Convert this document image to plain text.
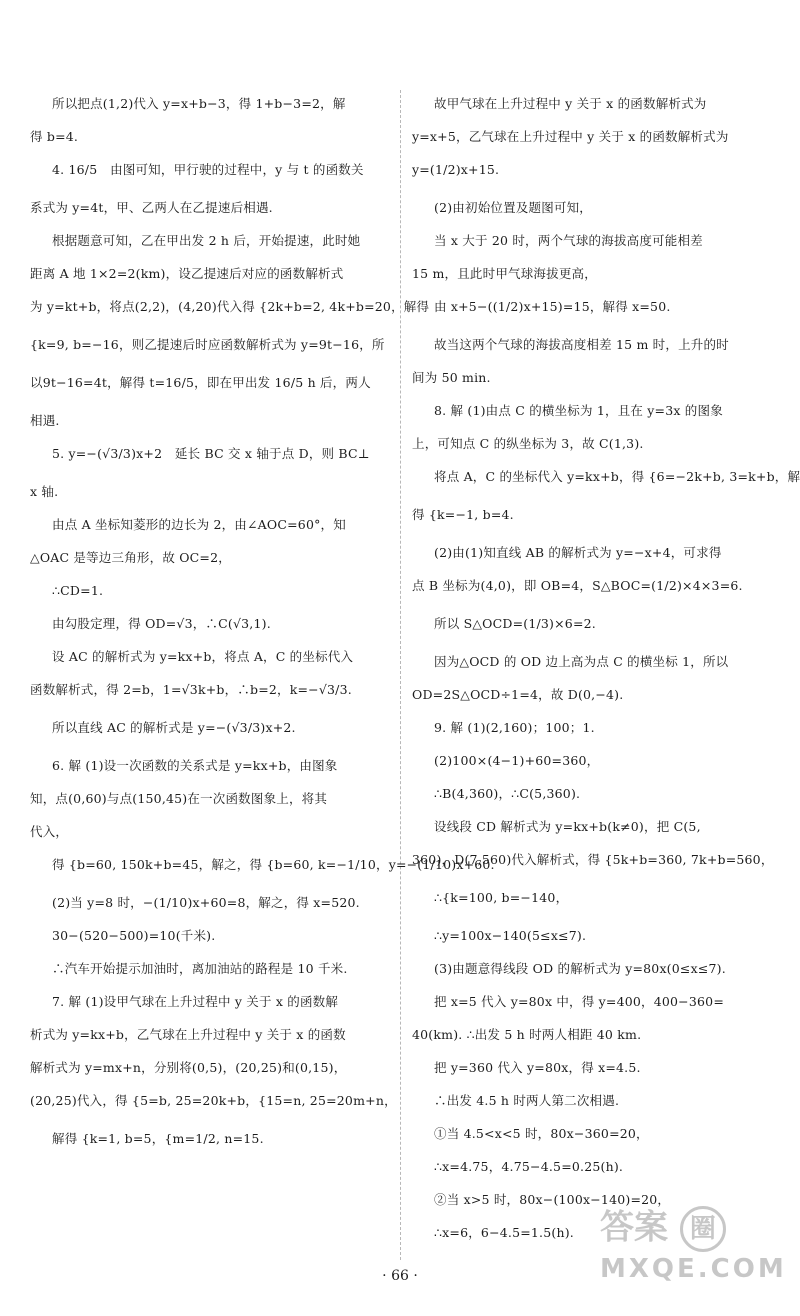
所以把点(1,2)代入 y=x+b−3，得 1+b−3=2，解
得 b=4.
4. 16/5　由图可知，甲行驶的过程中，y 与 t 的函数关
系式为 y=4t，甲、乙两人在乙提速后相遇.
根据题意可知，乙在甲出发 2 h 后，开始提速，此时她
距离 A 地 1×2=2(km)，设乙提速后对应的函数解析式
为 y=kt+b，将点(2,2)，(4,20)代入得 {2k+b=2, 4k+b=20，解得
{k=9, b=−16，则乙提速后时应函数解析式为 y=9t−16，所
以9t−16=4t，解得 t=16/5，即在甲出发 16/5 h 后，两人
相遇.
5. y=−(√3/3)x+2　延长 BC 交 x 轴于点 D，则 BC⊥
x 轴.
由点 A 坐标知菱形的边长为 2，由∠AOC=60°，知
△OAC 是等边三角形，故 OC=2，
∴CD=1.
由勾股定理，得 OD=√3，∴C(√3,1).
设 AC 的解析式为 y=kx+b，将点 A，C 的坐标代入
函数解析式，得 2=b，1=√3k+b，∴b=2，k=−√3/3.
所以直线 AC 的解析式是 y=−(√3/3)x+2.
6. 解 (1)设一次函数的关系式是 y=kx+b，由图象
知，点(0,60)与点(150,45)在一次函数图象上，将其
代入，
得 {b=60, 150k+b=45，解之，得 {b=60, k=−1/10，y=−(1/10)x+60.
(2)当 y=8 时，−(1/10)x+60=8，解之，得 x=520.
30−(520−500)=10(千米).
∴汽车开始提示加油时，离加油站的路程是 10 千米.
7. 解 (1)设甲气球在上升过程中 y 关于 x 的函数解
析式为 y=kx+b，乙气球在上升过程中 y 关于 x 的函数
解析式为 y=mx+n，分别将(0,5)，(20,25)和(0,15)，
(20,25)代入，得 {5=b, 25=20k+b，{15=n, 25=20m+n，
解得 {k=1, b=5，{m=1/2, n=15.
故甲气球在上升过程中 y 关于 x 的函数解析式为
y=x+5，乙气球在上升过程中 y 关于 x 的函数解析式为
y=(1/2)x+15.
(2)由初始位置及题图可知，
当 x 大于 20 时，两个气球的海拔高度可能相差
15 m，且此时甲气球海拔更高，
由 x+5−((1/2)x+15)=15，解得 x=50.
故当这两个气球的海拔高度相差 15 m 时，上升的时
间为 50 min.
8. 解 (1)由点 C 的横坐标为 1，且在 y=3x 的图象
上，可知点 C 的纵坐标为 3，故 C(1,3).
将点 A，C 的坐标代入 y=kx+b，得 {6=−2k+b, 3=k+b，解
得 {k=−1, b=4.
(2)由(1)知直线 AB 的解析式为 y=−x+4，可求得
点 B 坐标为(4,0)，即 OB=4，S△BOC=(1/2)×4×3=6.
所以 S△OCD=(1/3)×6=2.
因为△OCD 的 OD 边上高为点 C 的横坐标 1，所以
OD=2S△OCD÷1=4，故 D(0,−4).
9. 解 (1)(2,160)；100；1.
(2)100×(4−1)+60=360，
∴B(4,360)，∴C(5,360).
设线段 CD 解析式为 y=kx+b(k≠0)，把 C(5,
360)，D(7,560)代入解析式，得 {5k+b=360, 7k+b=560，
∴{k=100, b=−140，
∴y=100x−140(5≤x≤7).
(3)由题意得线段 OD 的解析式为 y=80x(0≤x≤7).
把 x=5 代入 y=80x 中，得 y=400，400−360=
40(km). ∴出发 5 h 时两人相距 40 km.
把 y=360 代入 y=80x，得 x=4.5.
∴出发 4.5 h 时两人第二次相遇.
①当 4.5<x<5 时，80x−360=20，
∴x=4.75，4.75−4.5=0.25(h).
②当 x>5 时，80x−(100x−140)=20，
∴x=6，6−4.5=1.5(h).
· 66 ·
答案 圈
MXQE.COM
